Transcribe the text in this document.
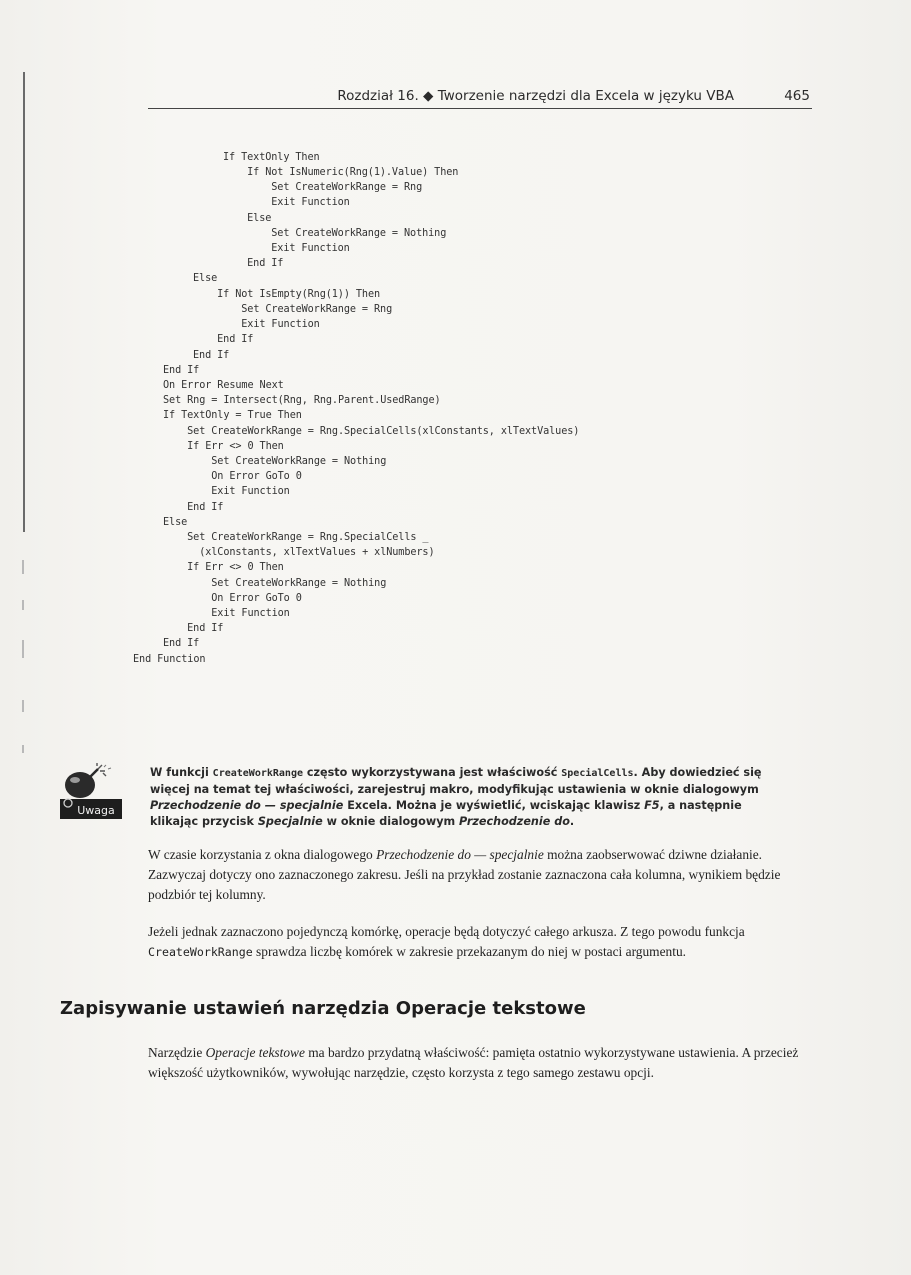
Rozdział 16. ◆ Tworzenie narzędzi dla Excela w języku VBA	465
If TextOnly Then
If Not IsNumeric(Rng(1).Value) Then
Set CreateWorkRange = Rng
Exit Function
Else
Set CreateWorkRange = Nothing
Exit Function
End If
Else
If Not IsEmpty(Rng(1)) Then
Set CreateWorkRange = Rng
Exit Function
End If
End If
End If
On Error Resume Next
Set Rng = Intersect(Rng, Rng.Parent.UsedRange)
If TextOnly = True Then
Set CreateWorkRange = Rng.SpecialCells(xlConstants, xlTextValues)
If Err <> 0 Then
Set CreateWorkRange = Nothing
On Error GoTo 0
Exit Function
End If
Else
Set CreateWorkRange = Rng.SpecialCells _
(xlConstants, xlTextValues + xlNumbers)
If Err <> 0 Then
Set CreateWorkRange = Nothing
On Error GoTo 0
Exit Function
End If
End If
End Function
Uwaga
W funkcji CreateWorkRange często wykorzystywana jest właściwość SpecialCells. Aby dowiedzieć się więcej na temat tej właściwości, zarejestruj makro, modyfikując ustawienia w oknie dialogowym Przechodzenie do — specjalnie Excela. Można je wyświetlić, wciskając klawisz F5, a następnie klikając przycisk Specjalnie w oknie dialogowym Przechodzenie do.
W czasie korzystania z okna dialogowego Przechodzenie do — specjalnie można zaobserwować dziwne działanie. Zazwyczaj dotyczy ono zaznaczonego zakresu. Jeśli na przykład zostanie zaznaczona cała kolumna, wynikiem będzie podzbiór tej kolumny.
Jeżeli jednak zaznaczono pojedynczą komórkę, operacje będą dotyczyć całego arkusza. Z tego powodu funkcja CreateWorkRange sprawdza liczbę komórek w zakresie przekazanym do niej w postaci argumentu.
Zapisywanie ustawień narzędzia Operacje tekstowe
Narzędzie Operacje tekstowe ma bardzo przydatną właściwość: pamięta ostatnio wykorzystywane ustawienia. A przecież większość użytkowników, wywołując narzędzie, często korzysta z tego samego zestawu opcji.
